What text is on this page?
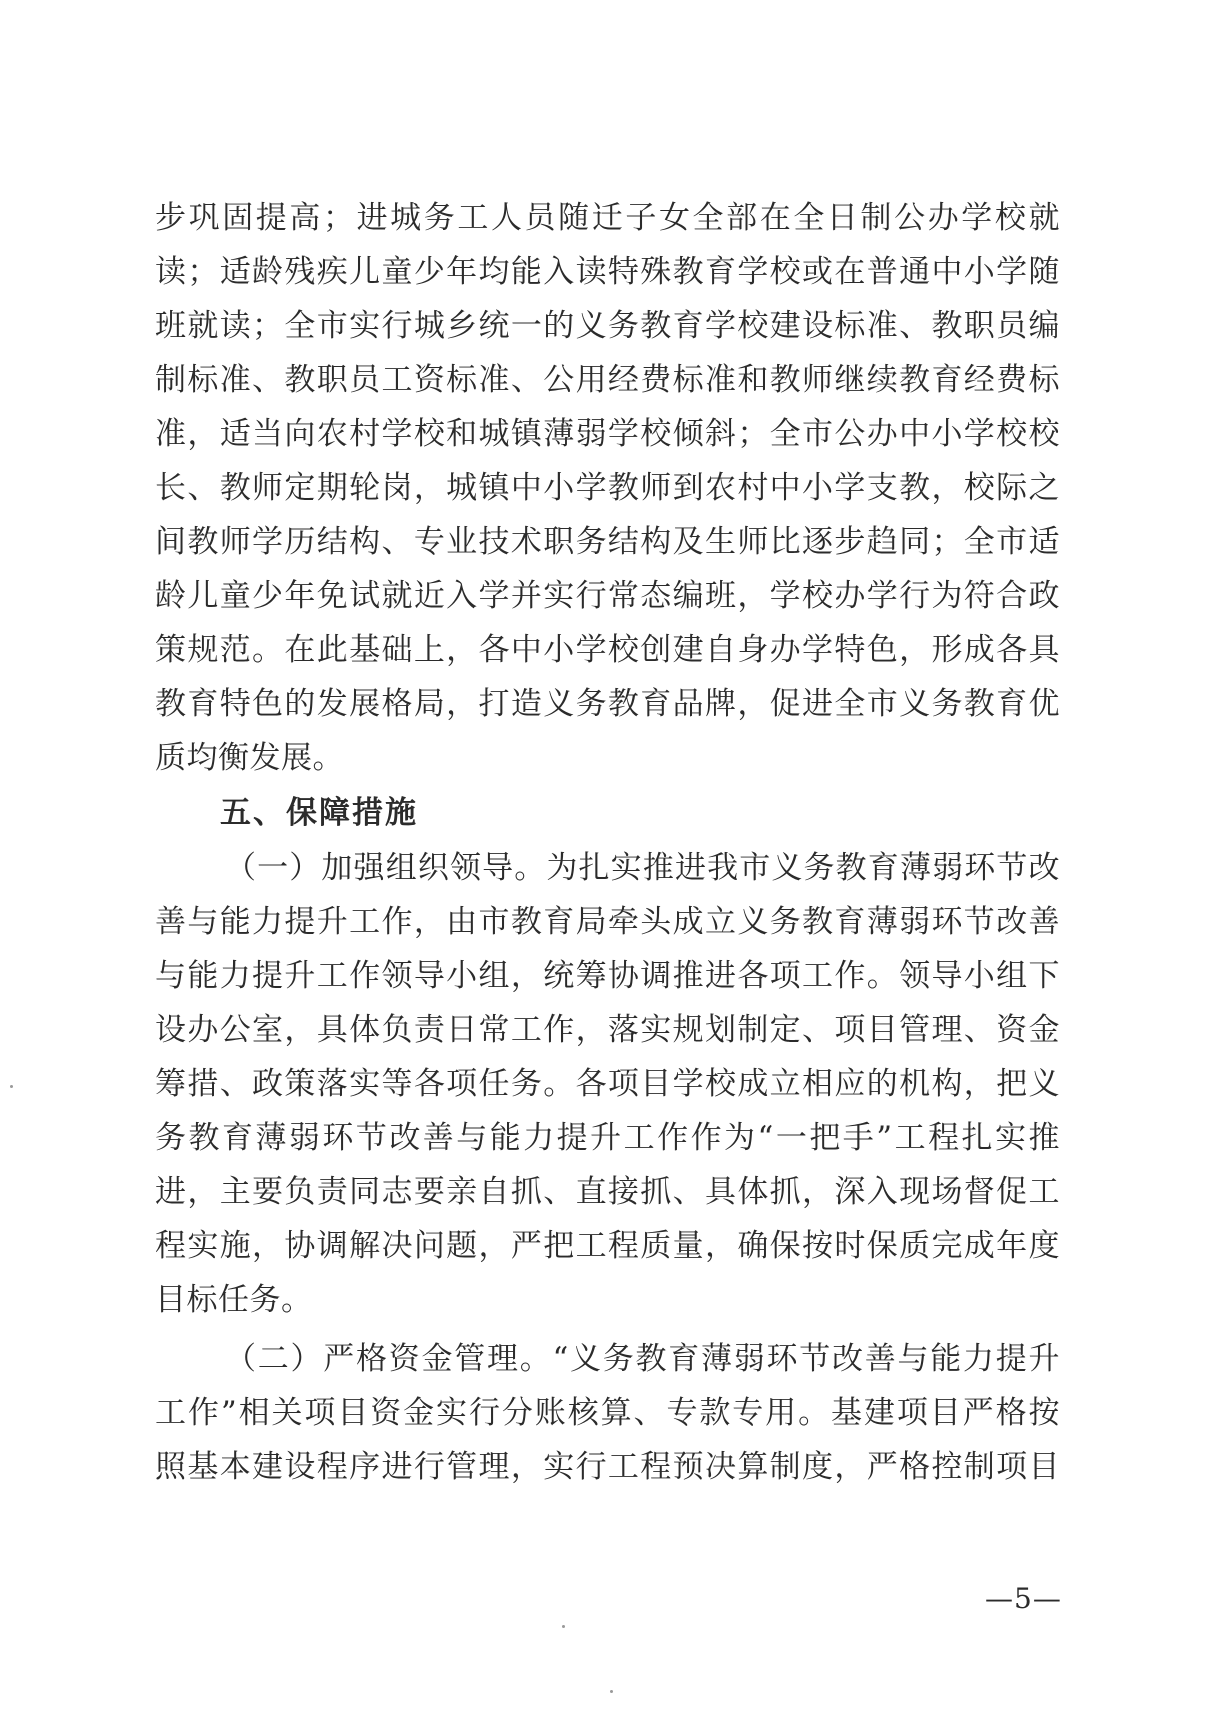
步巩固提高；进城务工人员随迁子女全部在全日制公办学校就
读；适龄残疾儿童少年均能入读特殊教育学校或在普通中小学随
班就读；全市实行城乡统一的义务教育学校建设标准、教职员编
制标准、教职员工资标准、公用经费标准和教师继续教育经费标
准，适当向农村学校和城镇薄弱学校倾斜；全市公办中小学校校
长、教师定期轮岗，城镇中小学教师到农村中小学支教，校际之
间教师学历结构、专业技术职务结构及生师比逐步趋同；全市适
龄儿童少年免试就近入学并实行常态编班，学校办学行为符合政
策规范。在此基础上，各中小学校创建自身办学特色，形成各具
教育特色的发展格局，打造义务教育品牌，促进全市义务教育优
质均衡发展。
五、保障措施
（一）加强组织领导。为扎实推进我市义务教育薄弱环节改
善与能力提升工作，由市教育局牵头成立义务教育薄弱环节改善
与能力提升工作领导小组，统筹协调推进各项工作。领导小组下
设办公室，具体负责日常工作，落实规划制定、项目管理、资金
筹措、政策落实等各项任务。各项目学校成立相应的机构，把义
务教育薄弱环节改善与能力提升工作作为“一把手”工程扎实推
进，主要负责同志要亲自抓、直接抓、具体抓，深入现场督促工
程实施，协调解决问题，严把工程质量，确保按时保质完成年度
目标任务。
（二）严格资金管理。“义务教育薄弱环节改善与能力提升
工作”相关项目资金实行分账核算、专款专用。基建项目严格按
照基本建设程序进行管理，实行工程预决算制度，严格控制项目
—5—
